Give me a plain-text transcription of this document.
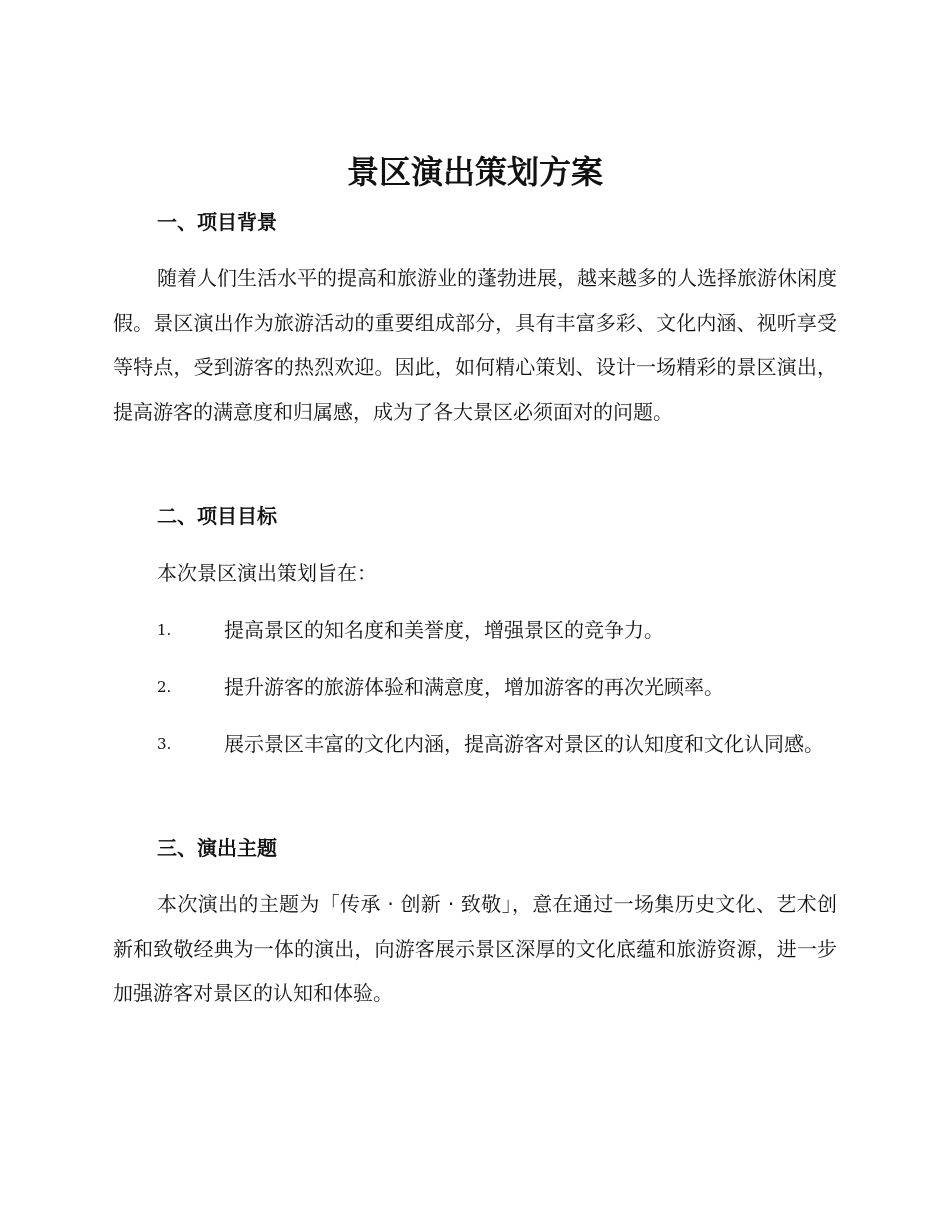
景区演出策划方案
一、项目背景

随着人们生活水平的提高和旅游业的蓬勃进展，越来越多的人选择旅游休闲度假。景区演出作为旅游活动的重要组成部分，具有丰富多彩、文化内涵、视听享受等特点，受到游客的热烈欢迎。因此，如何精心策划、设计一场精彩的景区演出，提高游客的满意度和归属感，成为了各大景区必须面对的问题。

二、项目目标
本次景区演出策划旨在：
1.	提高景区的知名度和美誉度，增强景区的竞争力。
2.	提升游客的旅游体验和满意度，增加游客的再次光顾率。
3.	展示景区丰富的文化内涵，提高游客对景区的认知度和文化认同感。
三、演出主题

本次演出的主题为「传承 · 创新 · 致敬」，意在通过一场集历史文化、艺术创新和致敬经典为一体的演出，向游客展示景区深厚的文化底蕴和旅游资源，进一步加强游客对景区的认知和体验。
